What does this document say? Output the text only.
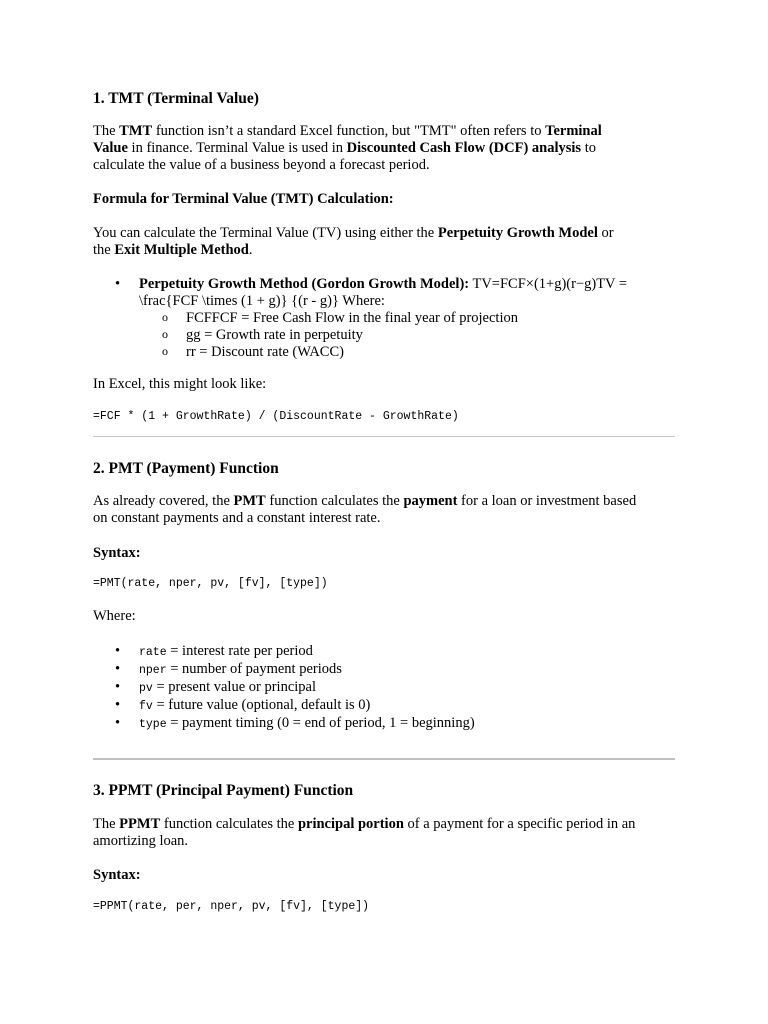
1. TMT (Terminal Value)

The TMT function isn’t a standard Excel function, but "TMT" often refers to Terminal
Value in finance. Terminal Value is used in Discounted Cash Flow (DCF) analysis to
calculate the value of a business beyond a forecast period.

Formula for Terminal Value (TMT) Calculation:

You can calculate the Terminal Value (TV) using either the Perpetuity Growth Model or
the Exit Multiple Method.

• Perpetuity Growth Method (Gordon Growth Model): TV=FCF×(1+g)(r−g)TV =
\frac{FCF \times (1 + g)} {(r - g)} Where:
o FCFFCF = Free Cash Flow in the final year of projection
o gg = Growth rate in perpetuity
o rr = Discount rate (WACC)

In Excel, this might look like:

=FCF * (1 + GrowthRate) / (DiscountRate - GrowthRate)
2. PMT (Payment) Function

As already covered, the PMT function calculates the payment for a loan or investment based
on constant payments and a constant interest rate.

Syntax:

=PMT(rate, nper, pv, [fv], [type])

Where:

• rate = interest rate per period
• nper = number of payment periods
• pv = present value or principal
• fv = future value (optional, default is 0)
• type = payment timing (0 = end of period, 1 = beginning)
3. PPMT (Principal Payment) Function

The PPMT function calculates the principal portion of a payment for a specific period in an
amortizing loan.

Syntax:

=PPMT(rate, per, nper, pv, [fv], [type])
